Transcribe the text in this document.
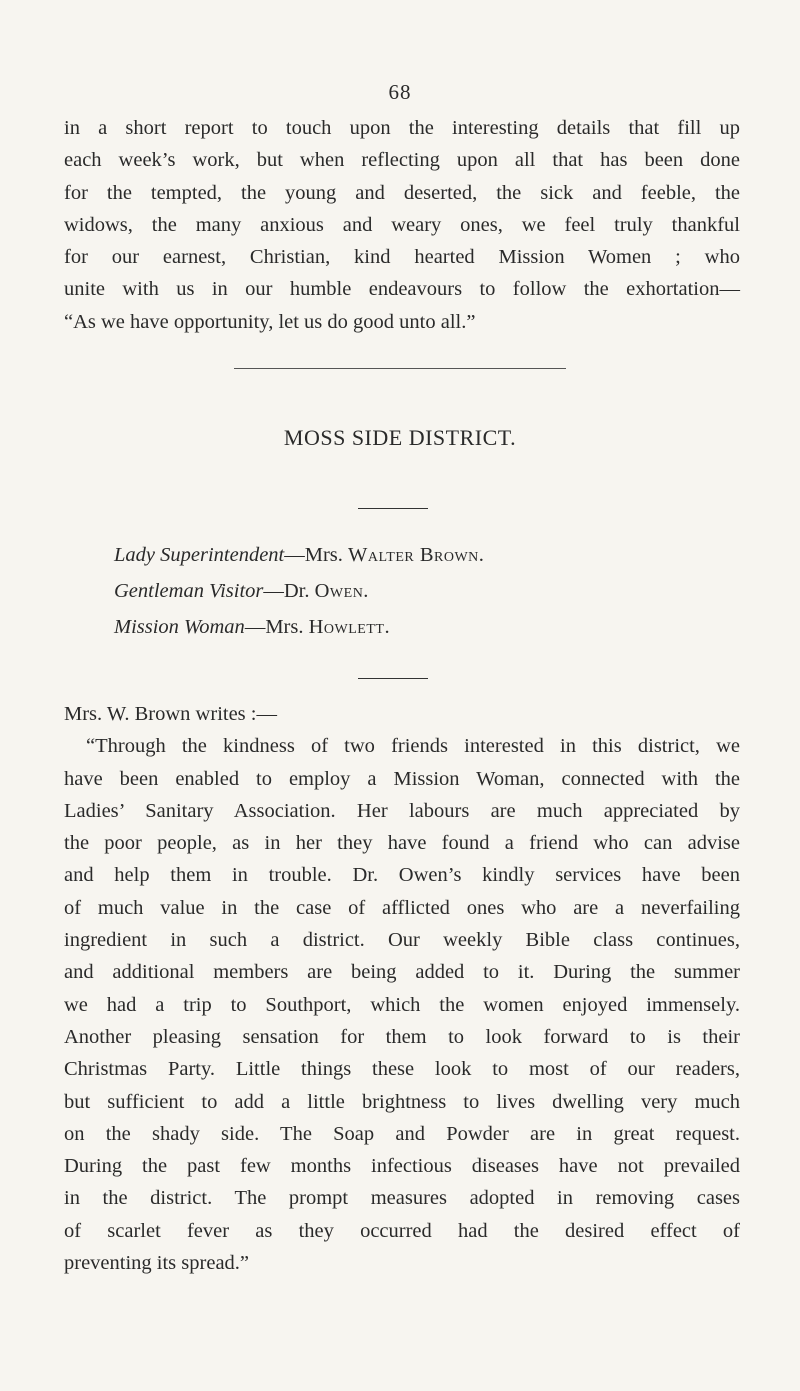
68
in a short report to touch upon the interesting details that fill up
each week’s work, but when reflecting upon all that has been done
for the tempted, the young and deserted, the sick and feeble, the
widows, the many anxious and weary ones, we feel truly thankful
for our earnest, Christian, kind hearted Mission Women ; who
unite with us in our humble endeavours to follow the exhortation—
“As we have opportunity, let us do good unto all.”
MOSS SIDE DISTRICT.
Lady Superintendent—Mrs. Walter Brown.
Gentleman Visitor—Dr. Owen.
Mission Woman—Mrs. Howlett.
Mrs. W. Brown writes :—
“Through the kindness of two friends interested in this district, we
have been enabled to employ a Mission Woman, connected with the
Ladies’ Sanitary Association. Her labours are much appreciated by
the poor people, as in her they have found a friend who can advise
and help them in trouble. Dr. Owen’s kindly services have been
of much value in the case of afflicted ones who are a neverfailing
ingredient in such a district. Our weekly Bible class continues,
and additional members are being added to it. During the summer
we had a trip to Southport, which the women enjoyed immensely.
Another pleasing sensation for them to look forward to is their
Christmas Party. Little things these look to most of our readers,
but sufficient to add a little brightness to lives dwelling very much
on the shady side. The Soap and Powder are in great request.
During the past few months infectious diseases have not prevailed
in the district. The prompt measures adopted in removing cases
of scarlet fever as they occurred had the desired effect of
preventing its spread.”
